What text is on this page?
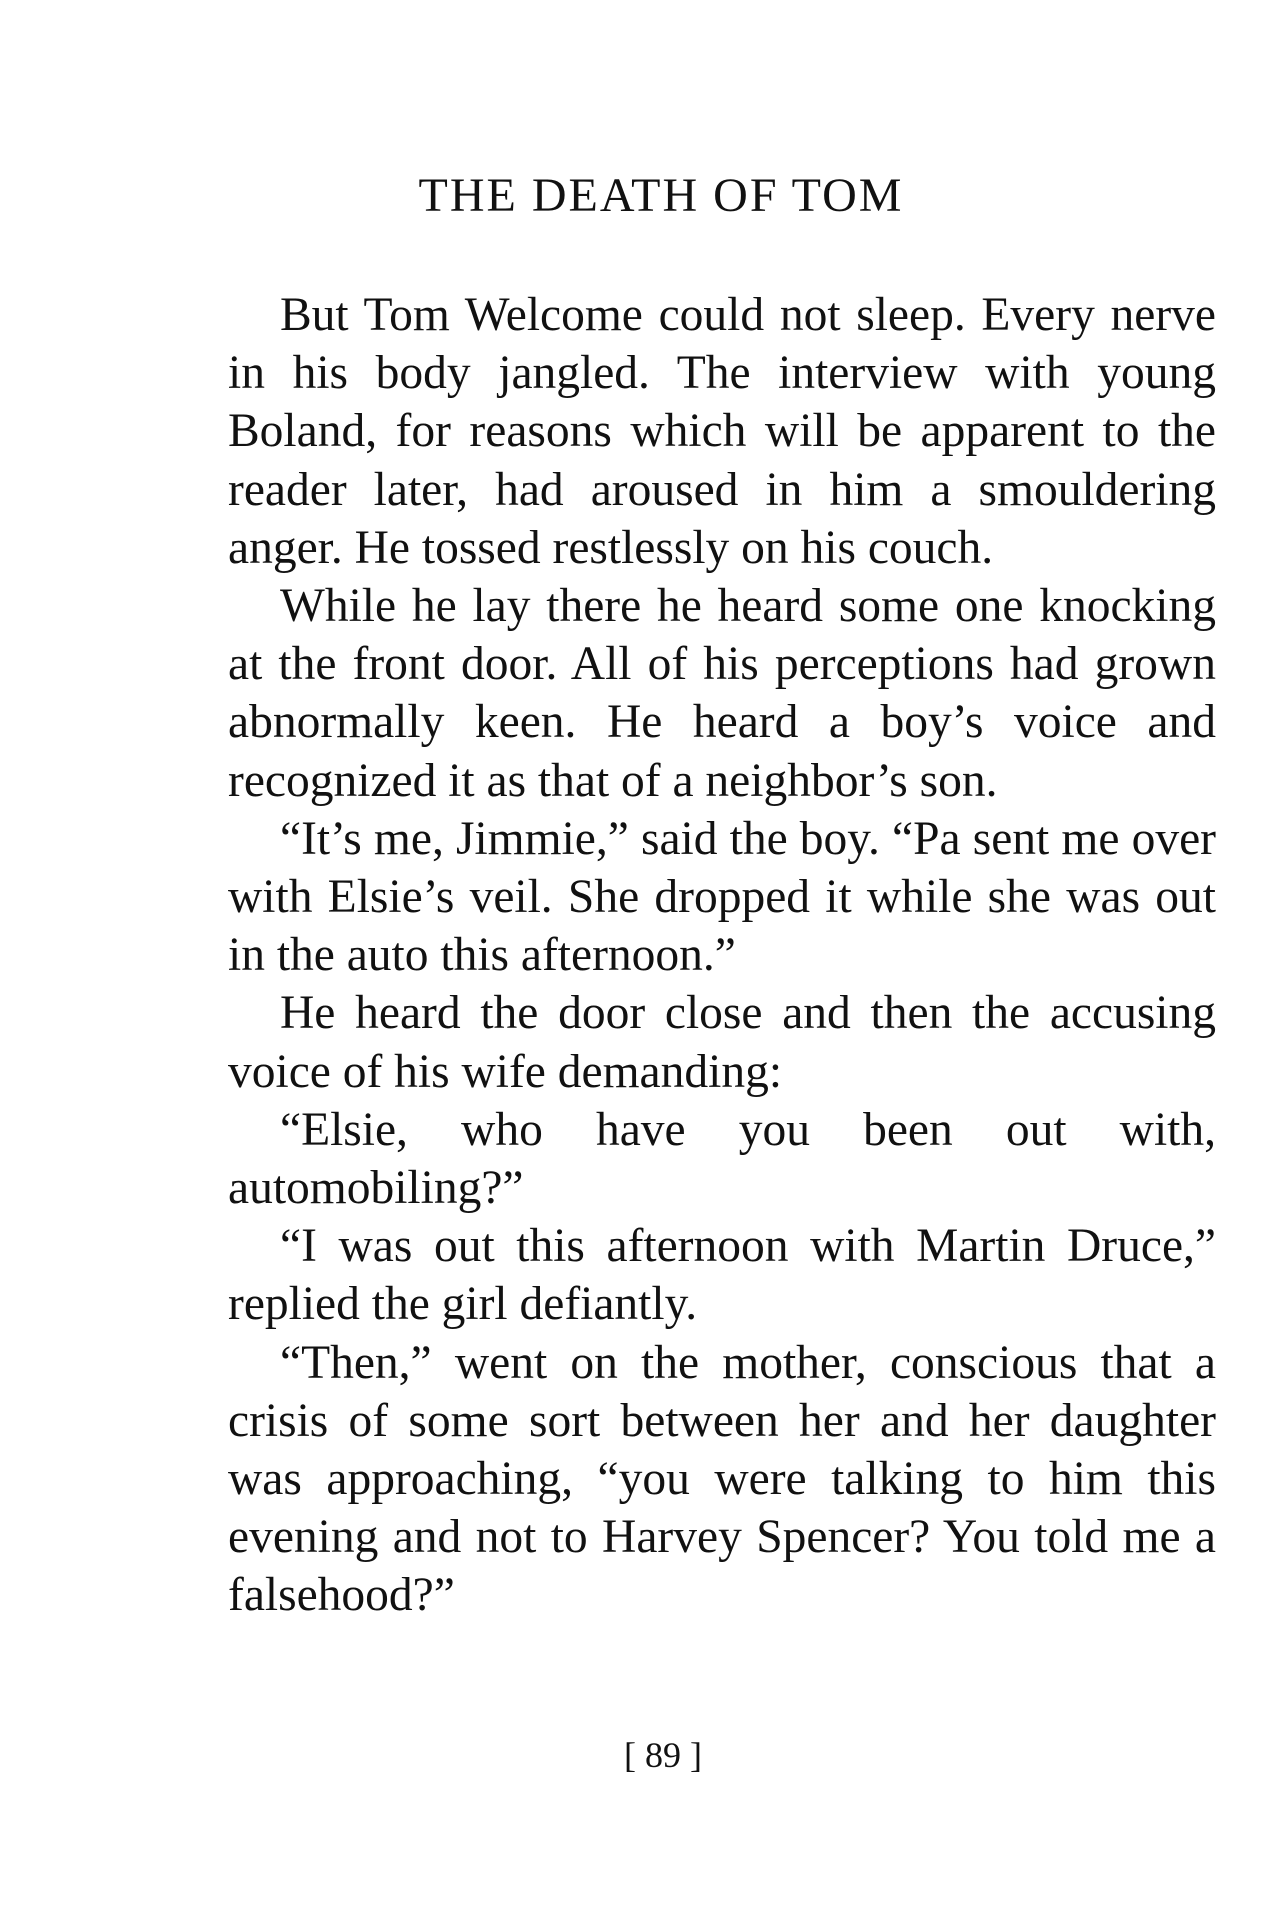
THE DEATH OF TOM

But Tom Welcome could not sleep. Every nerve in his body jangled. The interview with young Boland, for reasons which will be apparent to the reader later, had aroused in him a smouldering anger. He tossed restlessly on his couch.

While he lay there he heard some one knocking at the front door. All of his perceptions had grown abnormally keen. He heard a boy’s voice and recognized it as that of a neighbor’s son.

“It’s me, Jimmie,” said the boy. “Pa sent me over with Elsie’s veil. She dropped it while she was out in the auto this afternoon.”

He heard the door close and then the accusing voice of his wife demanding:

“Elsie, who have you been out with, automobiling?”

“I was out this afternoon with Martin Druce,” replied the girl defiantly.

“Then,” went on the mother, conscious that a crisis of some sort between her and her daughter was approaching, “you were talking to him this evening and not to Harvey Spencer? You told me a falsehood?”

[ 89 ]
